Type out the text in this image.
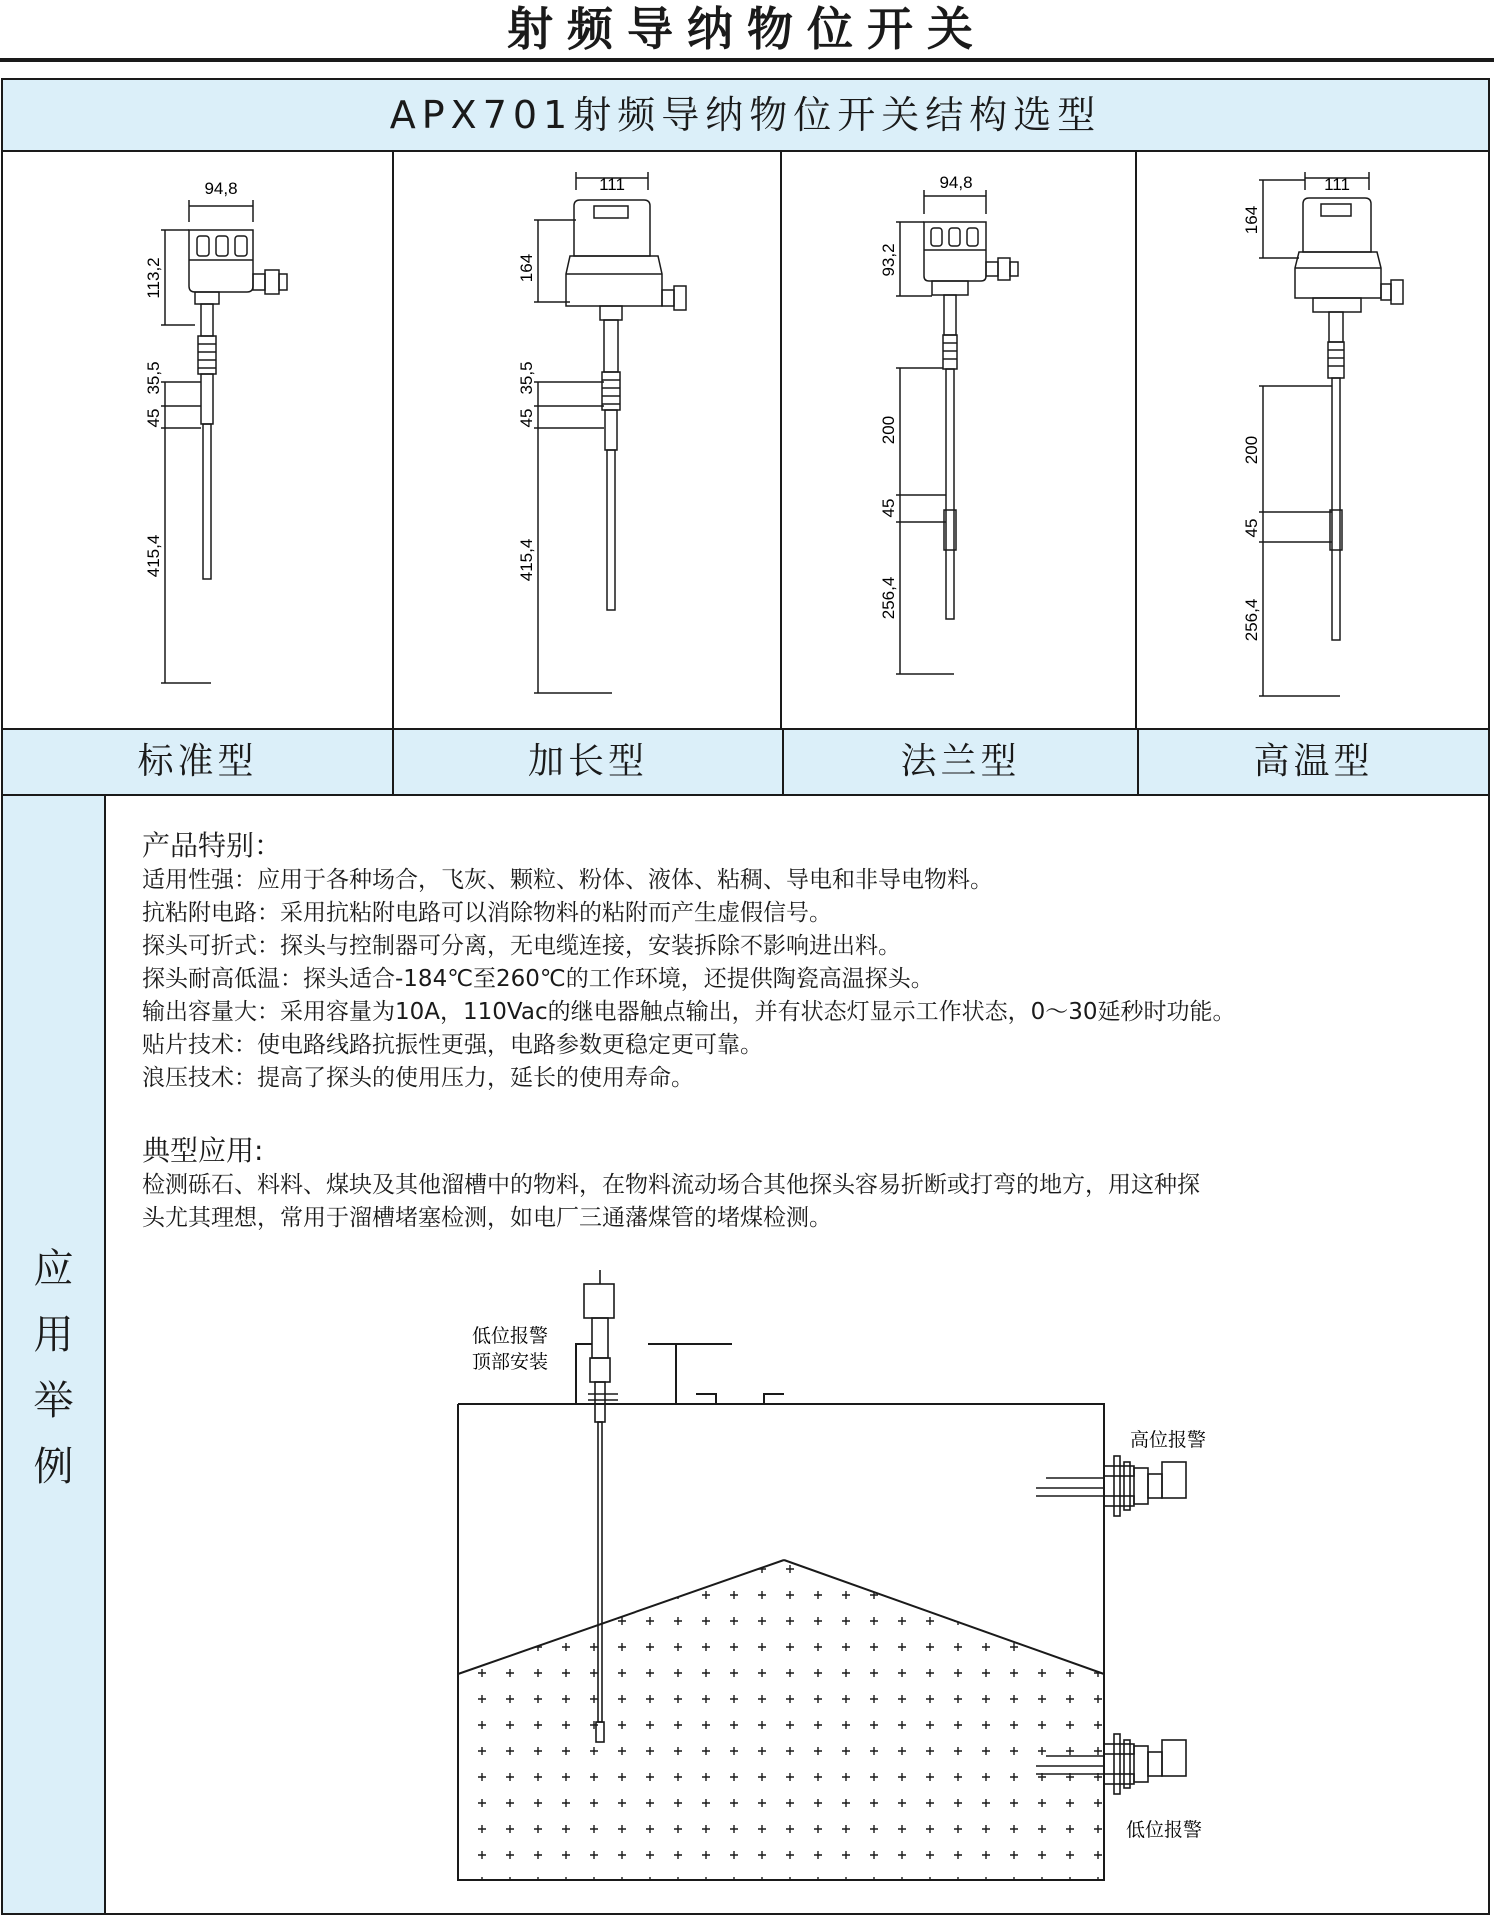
射频导纳物位开关
APX701射频导纳物位开关结构选型
94,8
113,2
35,5
45
415,4
111
164
35,5
45
415,4
94,8
93,2
200
45
256,4
111
164
200
45
256,4
标准型	加长型	法兰型	高温型
应
用
举
例

产品特别：

适用性强：应用于各种场合，飞灰、颗粒、粉体、液体、粘稠、导电和非导电物料。

抗粘附电路：采用抗粘附电路可以消除物料的粘附而产生虚假信号。

探头可折式：探头与控制器可分离，无电缆连接，安装拆除不影响进出料。

探头耐高低温：探头适合-184℃至260℃的工作环境，还提供陶瓷高温探头。

输出容量大：采用容量为10A，110Vac的继电器触点输出，并有状态灯显示工作状态，0～30延秒时功能。

贴片技术：使电路线路抗振性更强，电路参数更稳定更可靠。

浪压技术：提高了探头的使用压力，延长的使用寿命。

典型应用:

检测砾石、料料、煤块及其他溜槽中的物料，在物料流动场合其他探头容易折断或打弯的地方，用这种探

头尤其理想，常用于溜槽堵塞检测，如电厂三通藩煤管的堵煤检测。

低位报警
顶部安装
高位报警
低位报警
